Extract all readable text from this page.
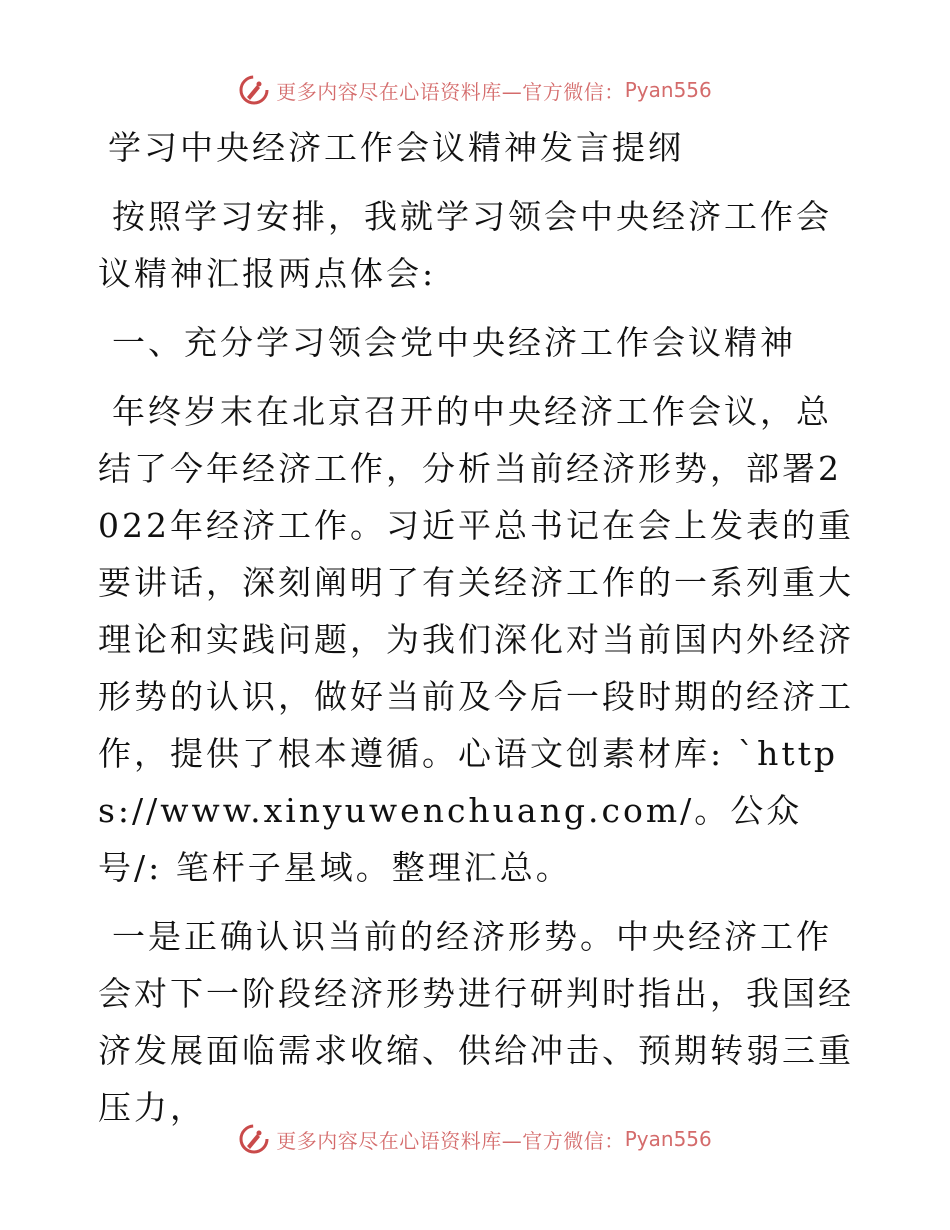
更多内容尽在心语资料库—官方微信： Pyan556
学习中央经济工作会议精神发言提纲

按照学习安排，我就学习领会中央经济工作会议精神汇报两点体会:

一、充分学习领会党中央经济工作会议精神

年终岁末在北京召开的中央经济工作会议，总结了今年经济工作，分析当前经济形势，部署2022年经济工作。习近平总书记在会上发表的重要讲话，深刻阐明了有关经济工作的一系列重大理论和实践问题，为我们深化对当前国内外经济形势的认识，做好当前及今后一段时期的经济工作，提供了根本遵循。心语文创素材库: `https://www.xinyuwenchuang.com/。公众号/: 笔杆子星域。整理汇总。

一是正确认识当前的经济形势。中央经济工作会对下一阶段经济形势进行研判时指出，我国经济发展面临需求收缩、供给冲击、预期转弱三重压力，

更多内容尽在心语资料库—官方微信： Pyan556
